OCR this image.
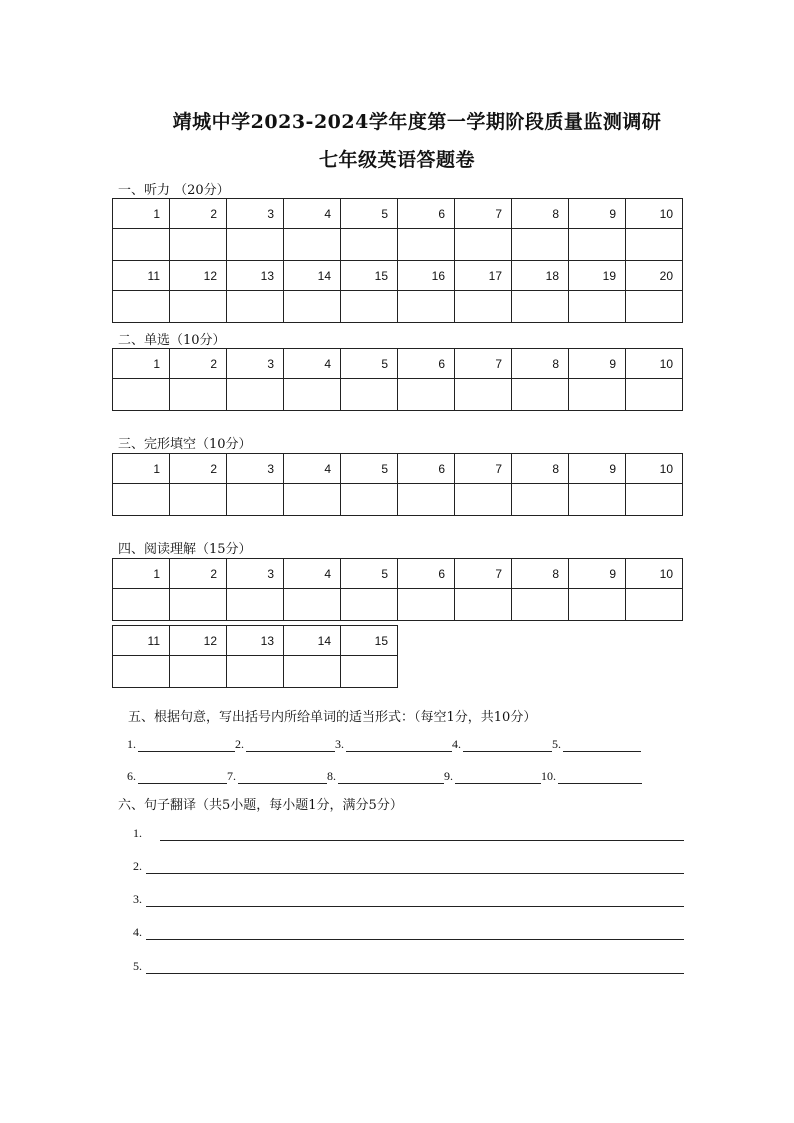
靖城中学2023-2024学年度第一学期阶段质量监测调研
七年级英语答题卷
一、听力 （20分）
1	2	3	4	5	6	7	8	9	10

11	12	13	14	15	16	17	18	19	20

二、单选（10分）
1	2	3	4	5	6	7	8	9	10

三、完形填空（10分）
1	2	3	4	5	6	7	8	9	10

四、阅读理解（15分）
1	2	3	4	5	6	7	8	9	10

11	12	13	14	15

五、根据句意，写出括号内所给单词的适当形式：（每空1分，共10分）
1.	2.	3.	4.	5.
6.	7.	8.	9.	10.
六、句子翻译（共5小题，每小题1分，满分5分）
1.
2.
3.
4.
5.
